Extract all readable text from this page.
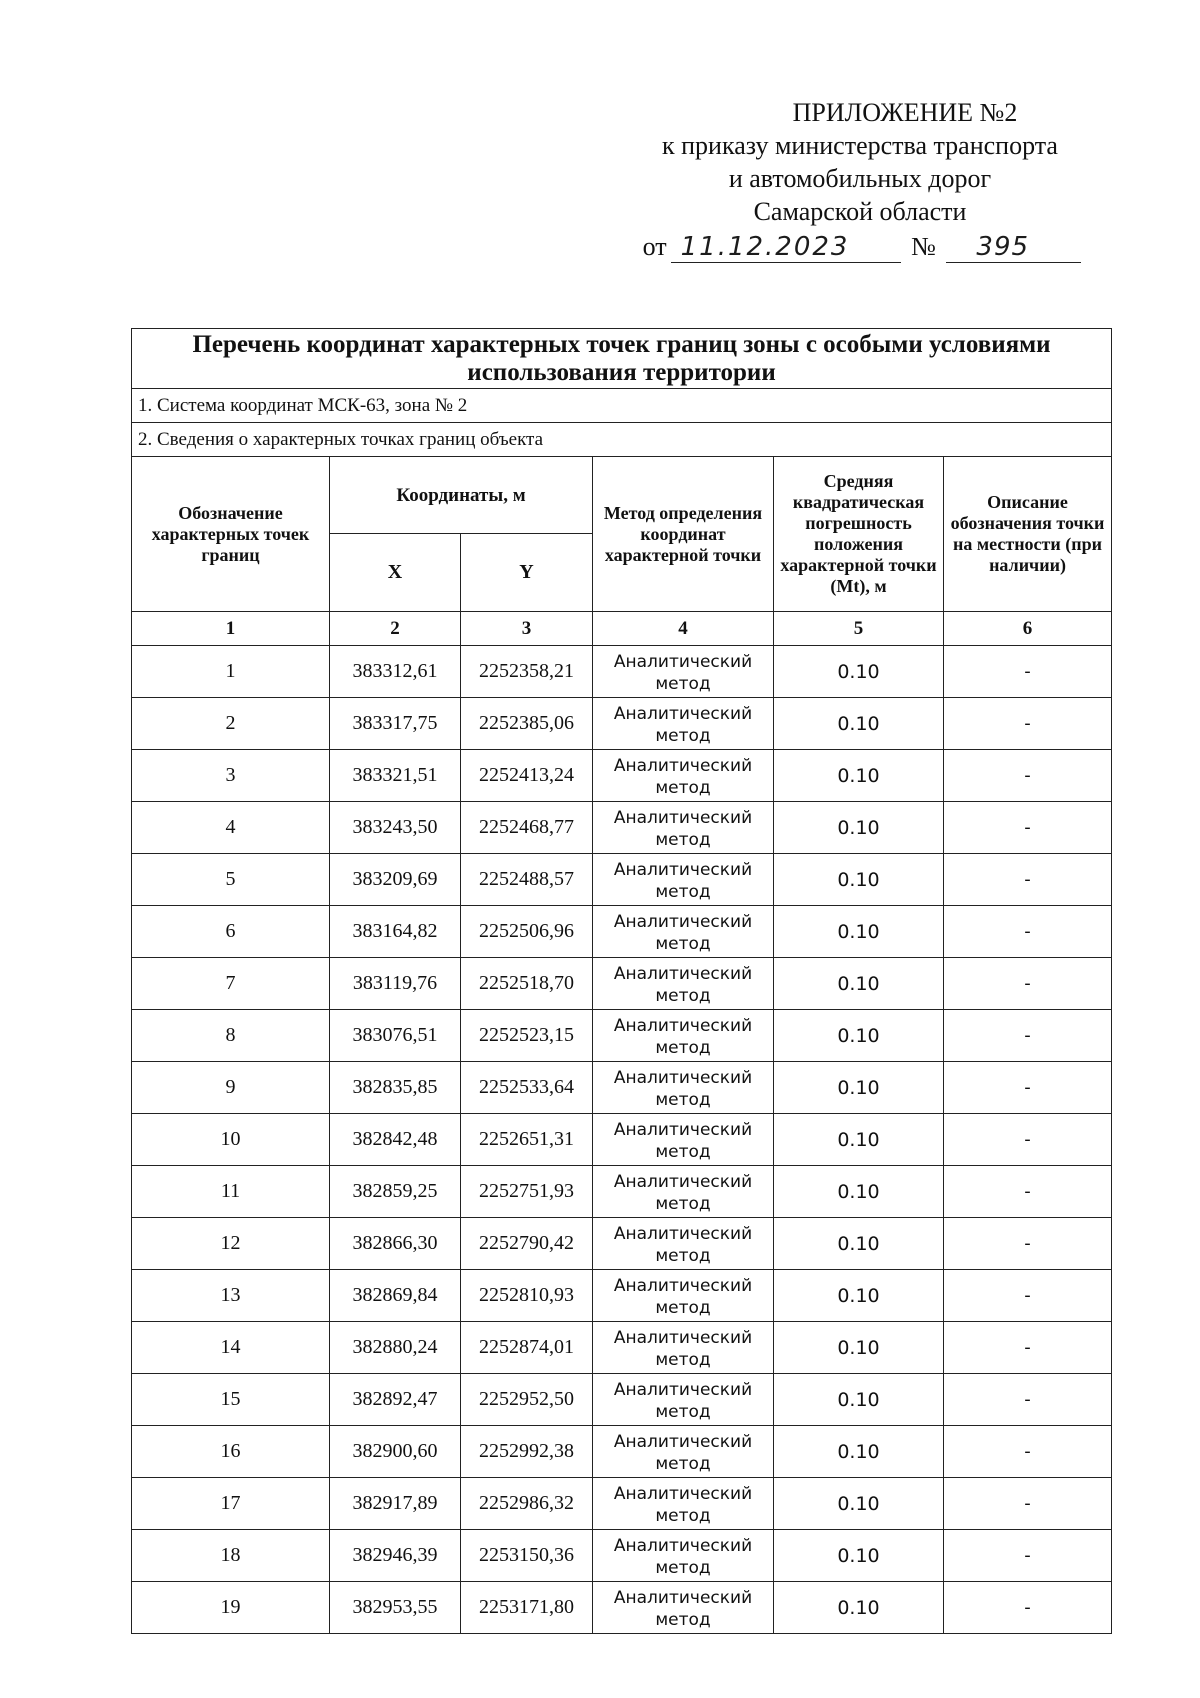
ПРИЛОЖЕНИЕ №2
к приказу министерства транспорта
и автомобильных дорог
Самарской области
от 11.12.2023 № 395
Перечень координат характерных точек границ зоны с особыми условиями использования территории					
1. Система координат МСК-63, зона № 2					
2. Сведения о характерных точках границ объекта					
Обозначение характерных точек границ	Координаты, м		Метод определения координат характерной точки	Средняя квадратическая погрешность положения характерной точки (Mt), м	Описание обозначения точки на местности (при наличии)
	X	Y			
1	2	3	4	5	6
1	383312,61	2252358,21	Аналитический метод	0.10	-
2	383317,75	2252385,06	Аналитический метод	0.10	-
3	383321,51	2252413,24	Аналитический метод	0.10	-
4	383243,50	2252468,77	Аналитический метод	0.10	-
5	383209,69	2252488,57	Аналитический метод	0.10	-
6	383164,82	2252506,96	Аналитический метод	0.10	-
7	383119,76	2252518,70	Аналитический метод	0.10	-
8	383076,51	2252523,15	Аналитический метод	0.10	-
9	382835,85	2252533,64	Аналитический метод	0.10	-
10	382842,48	2252651,31	Аналитический метод	0.10	-
11	382859,25	2252751,93	Аналитический метод	0.10	-
12	382866,30	2252790,42	Аналитический метод	0.10	-
13	382869,84	2252810,93	Аналитический метод	0.10	-
14	382880,24	2252874,01	Аналитический метод	0.10	-
15	382892,47	2252952,50	Аналитический метод	0.10	-
16	382900,60	2252992,38	Аналитический метод	0.10	-
17	382917,89	2252986,32	Аналитический метод	0.10	-
18	382946,39	2253150,36	Аналитический метод	0.10	-
19	382953,55	2253171,80	Аналитический метод	0.10	-
